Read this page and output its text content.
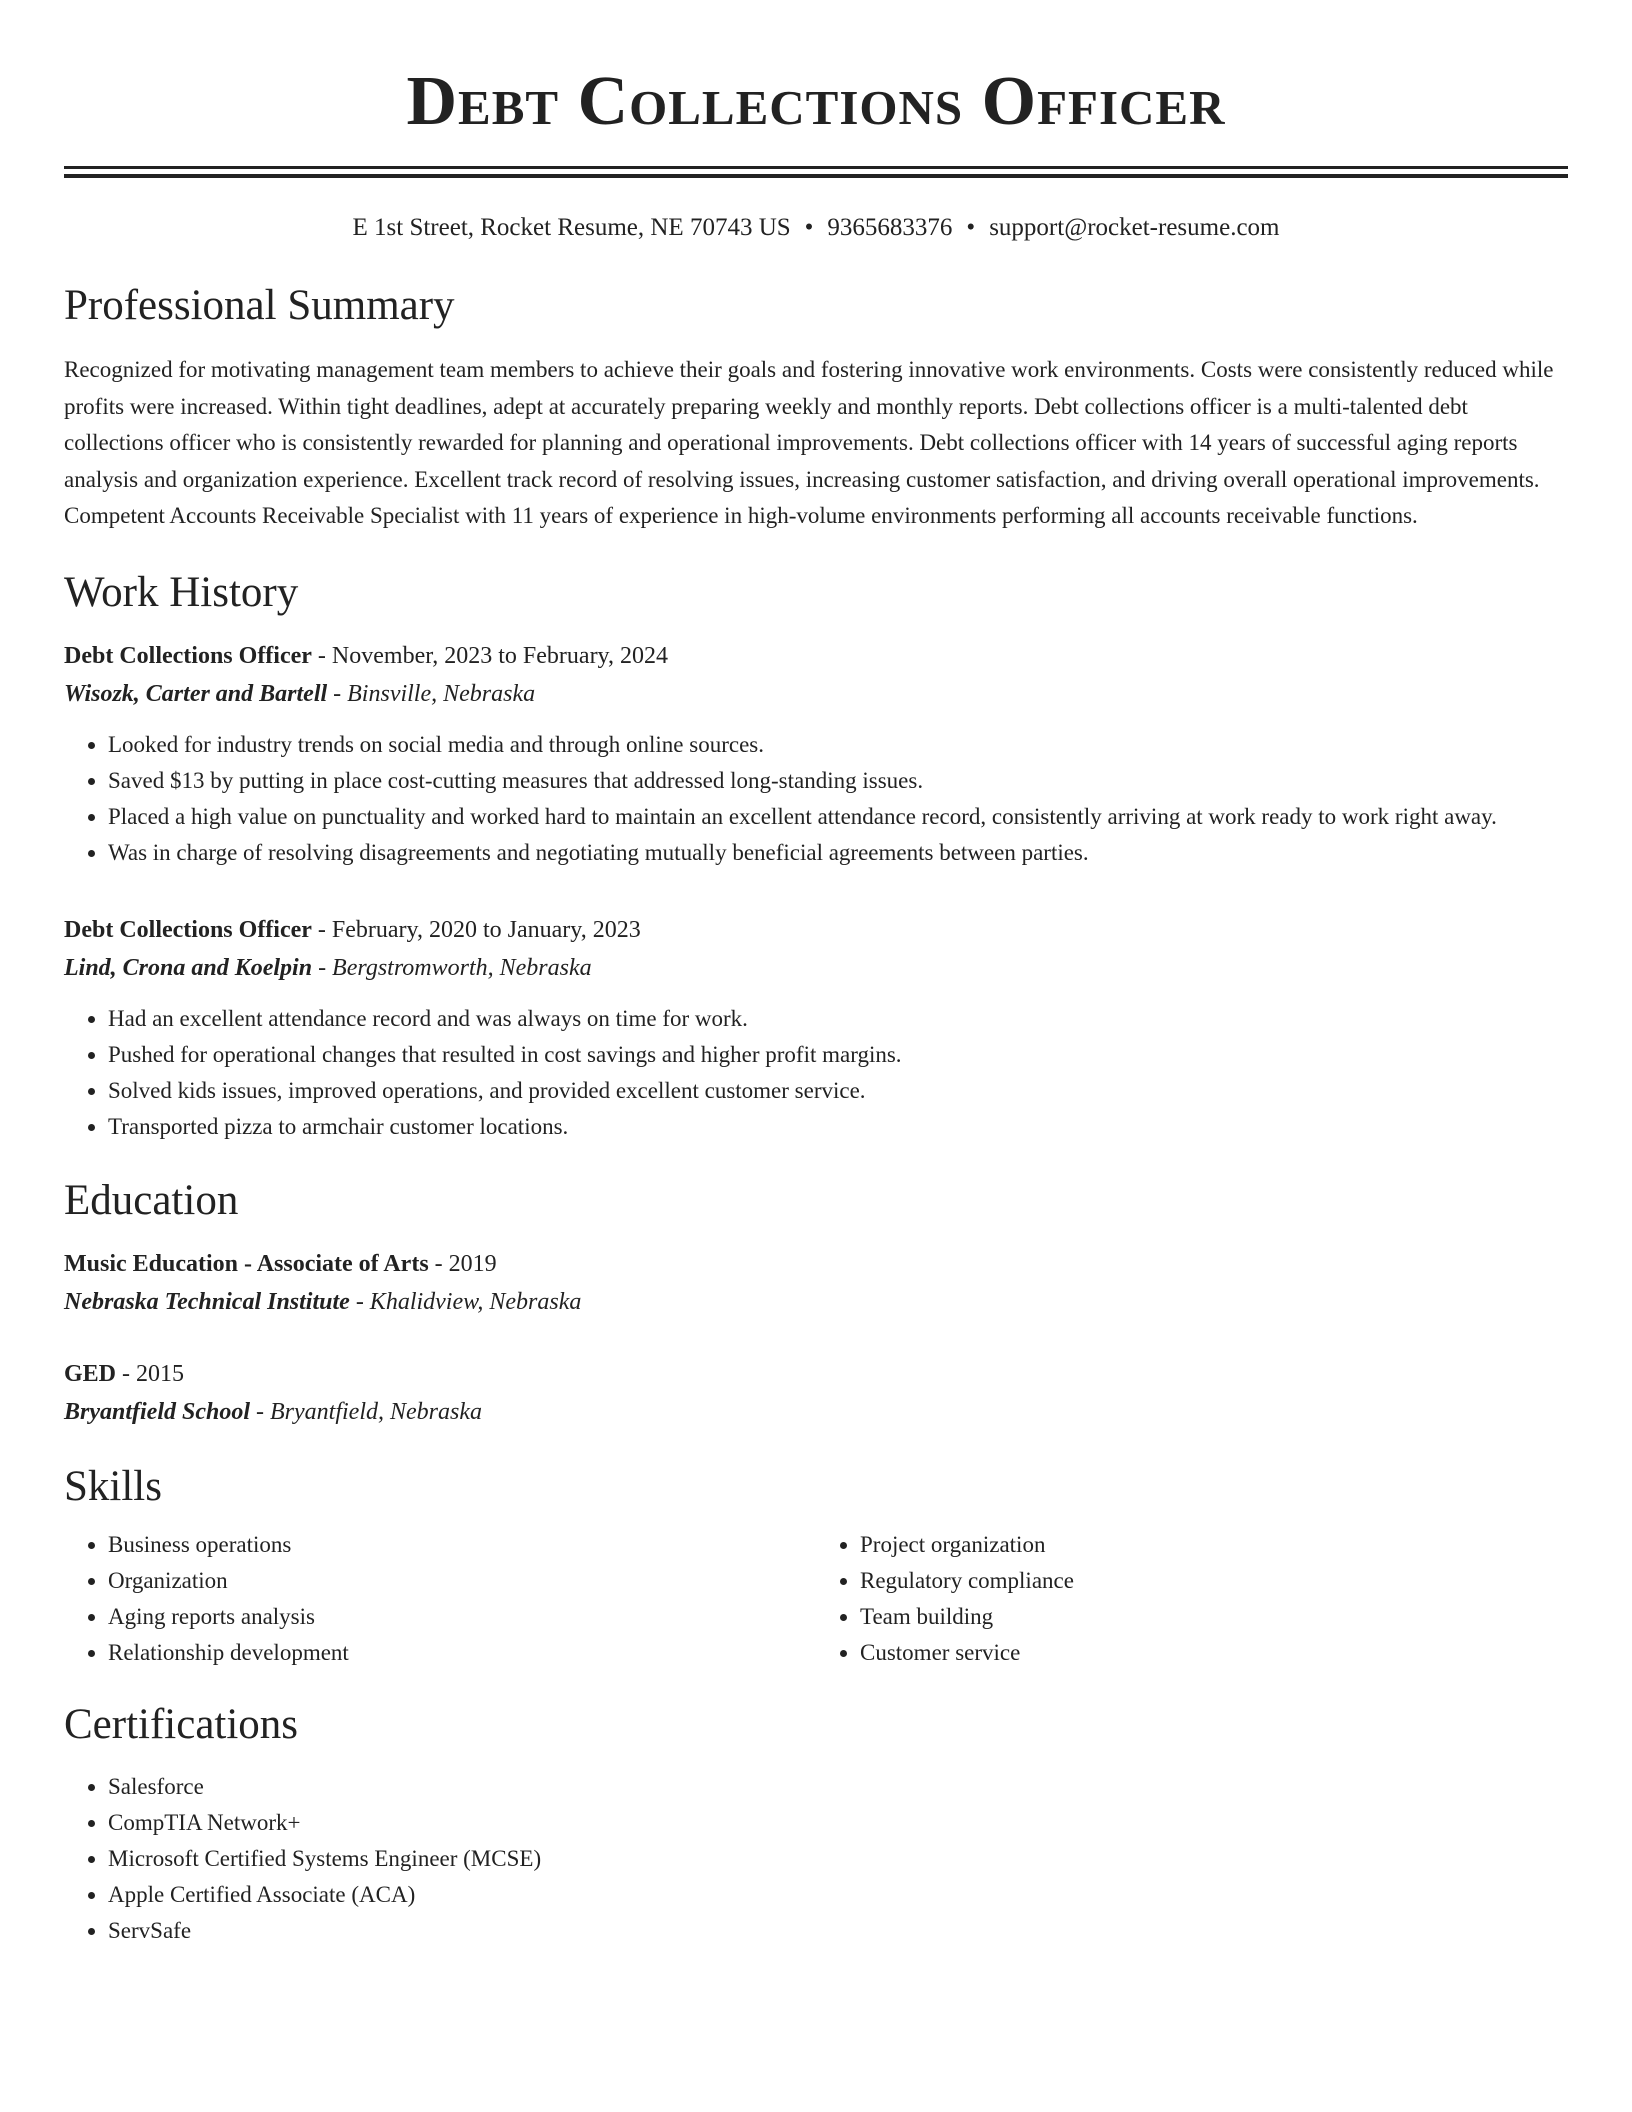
Debt Collections Officer
E 1st Street, Rocket Resume, NE 70743 US • 9365683376 • support@rocket-resume.com
Professional Summary
Recognized for motivating management team members to achieve their goals and fostering innovative work environments. Costs were consistently reduced while profits were increased. Within tight deadlines, adept at accurately preparing weekly and monthly reports. Debt collections officer is a multi-talented debt collections officer who is consistently rewarded for planning and operational improvements. Debt collections officer with 14 years of successful aging reports analysis and organization experience. Excellent track record of resolving issues, increasing customer satisfaction, and driving overall operational improvements. Competent Accounts Receivable Specialist with 11 years of experience in high-volume environments performing all accounts receivable functions.
Work History
Debt Collections Officer - November, 2023 to February, 2024
Wisozk, Carter and Bartell - Binsville, Nebraska
• Looked for industry trends on social media and through online sources.
• Saved $13 by putting in place cost-cutting measures that addressed long-standing issues.
• Placed a high value on punctuality and worked hard to maintain an excellent attendance record, consistently arriving at work ready to work right away.
• Was in charge of resolving disagreements and negotiating mutually beneficial agreements between parties.
Debt Collections Officer - February, 2020 to January, 2023
Lind, Crona and Koelpin - Bergstromworth, Nebraska
• Had an excellent attendance record and was always on time for work.
• Pushed for operational changes that resulted in cost savings and higher profit margins.
• Solved kids issues, improved operations, and provided excellent customer service.
• Transported pizza to armchair customer locations.
Education
Music Education - Associate of Arts - 2019
Nebraska Technical Institute - Khalidview, Nebraska
GED - 2015
Bryantfield School - Bryantfield, Nebraska
Skills
• Business operations
• Organization
• Aging reports analysis
• Relationship development
• Project organization
• Regulatory compliance
• Team building
• Customer service
Certifications
• Salesforce
• CompTIA Network+
• Microsoft Certified Systems Engineer (MCSE)
• Apple Certified Associate (ACA)
• ServSafe
